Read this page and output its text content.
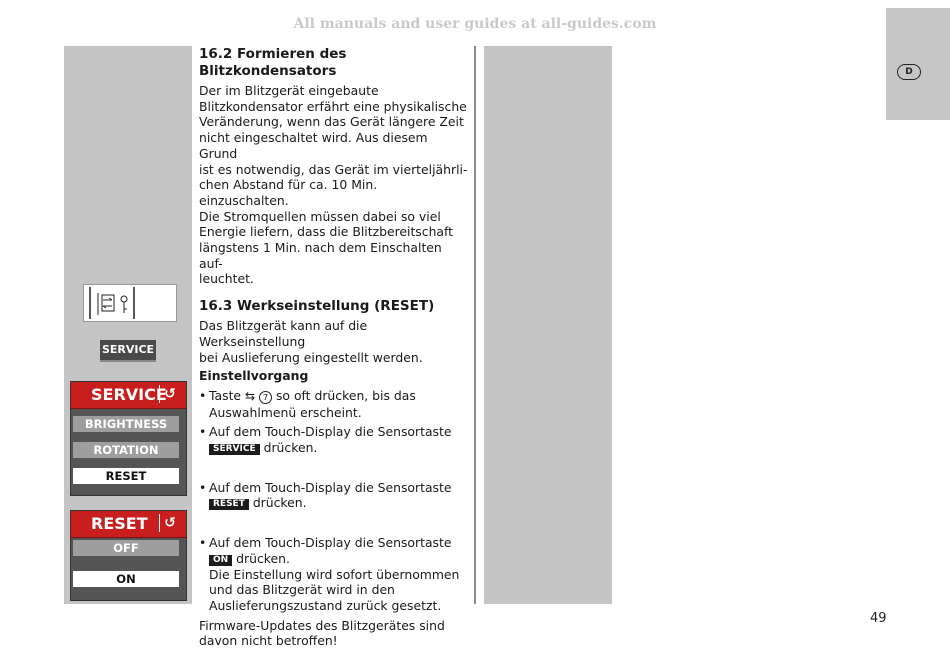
All manuals and user guides at all-guides.com
D
SERVICE
SERVICE
↺
BRIGHTNESS
ROTATION
RESET
RESET	↺
OFF
ON
16.2 Formieren des Blitzkondensators

Der im Blitzgerät eingebaute

Blitzkondensator erfährt eine physikalische

Veränderung, wenn das Gerät längere Zeit

nicht eingeschaltet wird. Aus diesem Grund

ist es notwendig, das Gerät im vierteljährli-

chen Abstand für ca. 10 Min. einzuschalten.

Die Stromquellen müssen dabei so viel

Energie liefern, dass die Blitzbereitschaft

längstens 1 Min. nach dem Einschalten auf-

leuchtet.

16.3 Werkseinstellung (RESET)

Das Blitzgerät kann auf die Werkseinstellung

bei Auslieferung eingestellt werden.

Einstellvorgang
• Taste ⇆ 7 so oft drücken, bis das

Auswahlmenü erscheint.

• Auf dem Touch-Display die Sensortaste

SERVICE drücken.

• Auf dem Touch-Display die Sensortaste

RESET drücken.

• Auf dem Touch-Display die Sensortaste

ON drücken.

Die Einstellung wird sofort übernommen

und das Blitzgerät wird in den

Auslieferungszustand zurück gesetzt.

Firmware-Updates des Blitzgerätes sind

davon nicht betroffen!

49
